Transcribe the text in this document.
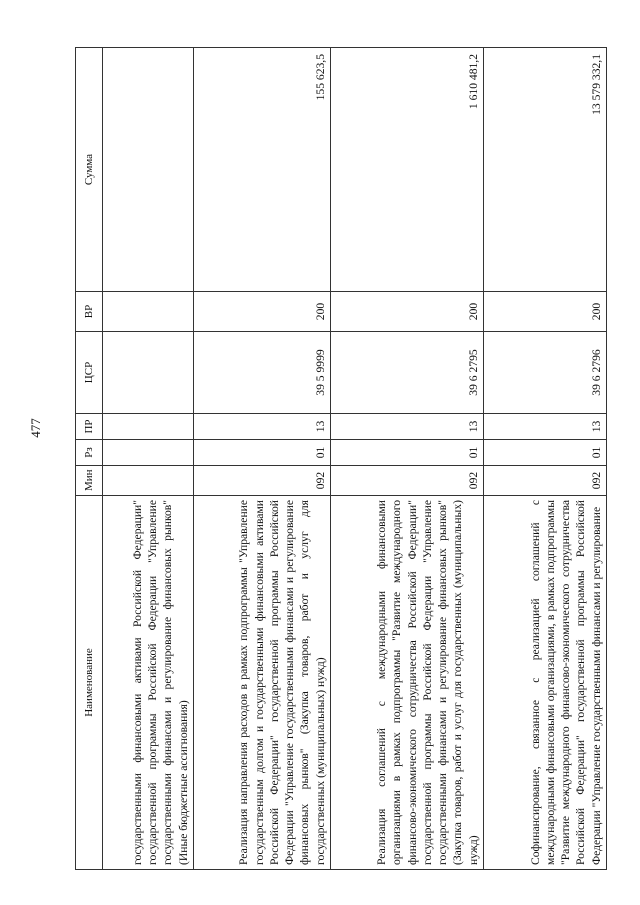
477
Наименование	Мин	Рз	ПР	ЦСР	ВР	Сумма
государственными финансовыми активами Российской Федерации" государственной программы Российской Федерации "Управление государственными финансами и регулирование финансовых рынков" (Иные бюджетные ассигнования)						
Реализация направления расходов в рамках подпрограммы "Управление государственным долгом и государственными финансовыми активами Российской Федерации" государственной программы Российской Федерации "Управление государственными финансами и регулирование финансовых рынков" (Закупка товаров, работ и услуг для государственных (муниципальных) нужд)	092	01	13	39 5 9999	200	155 623,5
Реализация соглашений с международными финансовыми организациями в рамках подпрограммы "Развитие международного финансово-экономического сотрудничества Российской Федерации" государственной программы Российской Федерации "Управление государственными финансами и регулирование финансовых рынков" (Закупка товаров, работ и услуг для государственных (муниципальных) нужд)	092	01	13	39 6 2795	200	1 610 481,2
Софинансирование, связанное с реализацией соглашений с международными финансовыми организациями, в рамках подпрограммы "Развитие международного финансово-экономического сотрудничества Российской Федерации" государственной программы Российской Федерации "Управление государственными финансами и регулирование	092	01	13	39 6 2796	200	13 579 332,1
